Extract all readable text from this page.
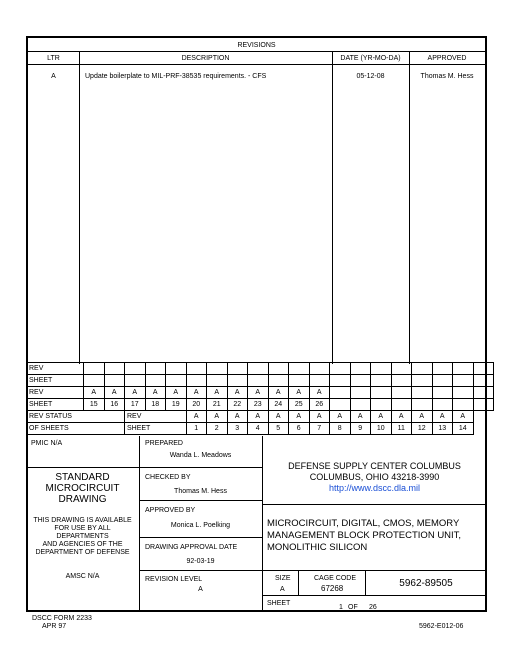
REVISIONS
LTR	DESCRIPTION	DATE (YR-MO-DA)	APPROVED
A	Update boilerplate to MIL-PRF-38535 requirements. - CFS	05-12-08	Thomas M. Hess
REV																				
SHEET																				
REV	A	A	A	A	A	A	A	A	A	A	A	A								
SHEET	15	16	17	18	19	20	21	22	23	24	25	26								
REV STATUS			REV			A	A	A	A	A	A	A	A	A	A	A	A	A	A	
OF SHEETS			SHEET			1	2	3	4	5	6	7	8	9	10	11	12	13	14	
PMIC N/A
STANDARD
MICROCIRCUIT
DRAWING
THIS DRAWING IS AVAILABLE
FOR USE BY ALL
DEPARTMENTS
AND AGENCIES OF THE
DEPARTMENT OF DEFENSE
AMSC N/A
PREPARED
Wanda L. Meadows
CHECKED BY
Thomas M. Hess
APPROVED BY
Monica L. Poelking
DRAWING APPROVAL DATE
92-03-19
REVISION LEVEL
A
DEFENSE SUPPLY CENTER COLUMBUS
COLUMBUS, OHIO 43218-3990
http://www.dscc.dla.mil
MICROCIRCUIT, DIGITAL, CMOS, MEMORY
MANAGEMENT BLOCK PROTECTION UNIT,
MONOLITHIC SILICON
SIZE
A
CAGE CODE
67268	5962-89505
SHEET
1 OF 26
DSCC FORM 2233
APR 97	5962-E012-06
